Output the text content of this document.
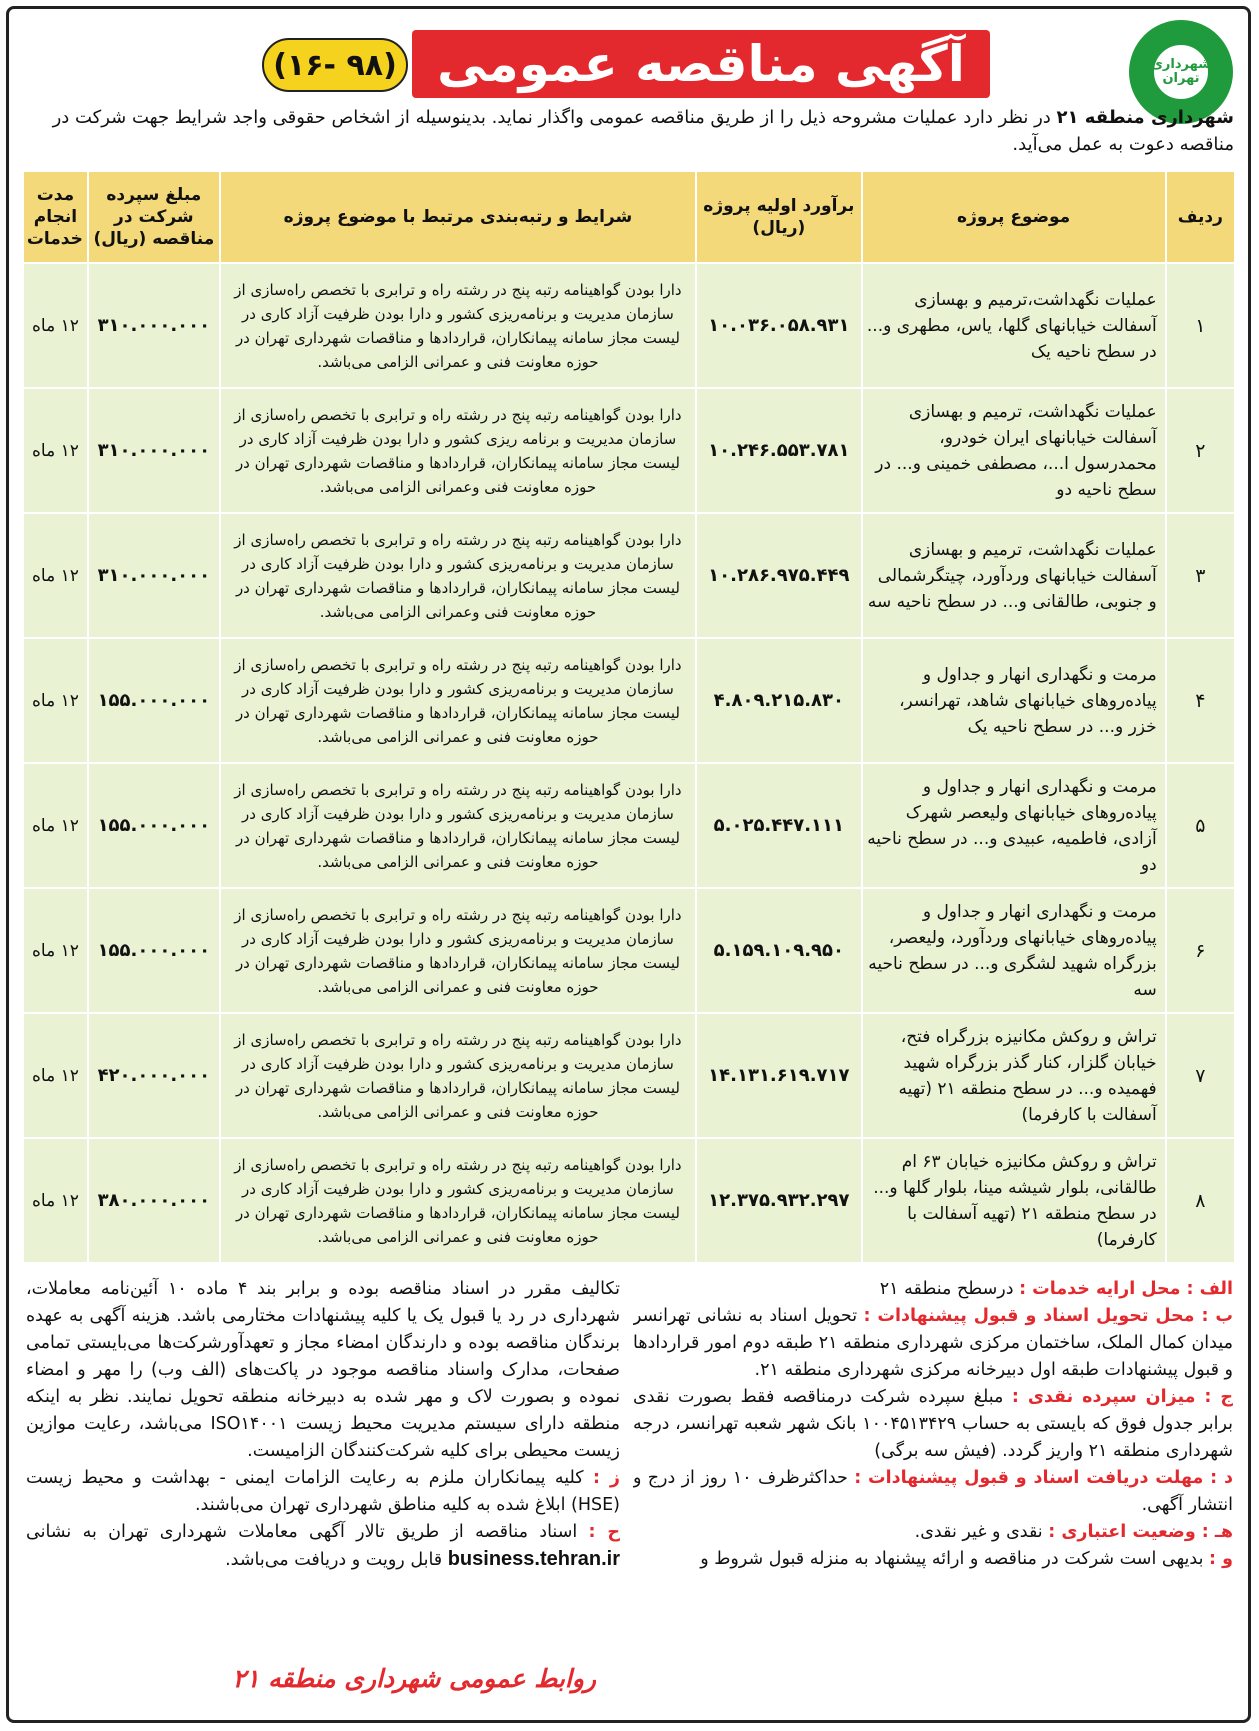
شهرداری تهران
آگهی مناقصه عمومی
(۱۶- ۹۸)
شهرداری منطقه ۲۱ در نظر دارد عملیات مشروحه ذیل را از طریق مناقصه عمومی واگذار نماید. بدینوسیله از اشخاص حقوقی واجد شرایط جهت شرکت در مناقصه دعوت به عمل می‌آید.
ردیف	موضوع پروژه	برآورد اولیه پروژه (ریال)	شرایط و رتبه‌بندی مرتبط با موضوع پروژه	مبلغ سپرده شرکت در مناقصه (ریال)	مدت انجام خدمات
۱	عملیات نگهداشت،ترمیم و بهسازی آسفالت خیابانهای گلها، یاس، مطهری و... در سطح ناحیه یک	۱۰.۰۳۶.۰۵۸.۹۳۱	دارا بودن گواهینامه رتبه پنج در رشته راه و ترابری با تخصص راه‌سازی از سازمان مدیریت و برنامه‌ریزی کشور و دارا بودن ظرفیت آزاد کاری در لیست مجاز سامانه پیمانکاران، قراردادها و مناقصات شهرداری تهران در حوزه معاونت فنی و عمرانی الزامی می‌باشد.	۳۱۰.۰۰۰.۰۰۰	۱۲ ماه
۲	عملیات نگهداشت، ترمیم و بهسازی آسفالت خیابانهای ایران خودرو، محمدرسول ا...، مصطفی خمینی و... در سطح ناحیه دو	۱۰.۲۴۶.۵۵۳.۷۸۱	دارا بودن گواهینامه رتبه پنج در رشته راه و ترابری با تخصص راه‌سازی از سازمان مدیریت و برنامه ریزی کشور و دارا بودن ظرفیت آزاد کاری در لیست مجاز سامانه پیمانکاران، قراردادها و مناقصات شهرداری تهران در حوزه معاونت فنی وعمرانی الزامی می‌باشد.	۳۱۰.۰۰۰.۰۰۰	۱۲ ماه
۳	عملیات نگهداشت، ترمیم و بهسازی آسفالت خیابانهای وردآورد، چیتگرشمالی و جنوبی، طالقانی و... در سطح ناحیه سه	۱۰.۲۸۶.۹۷۵.۴۴۹	دارا بودن گواهینامه رتبه پنج در رشته راه و ترابری با تخصص راه‌سازی از سازمان مدیریت و برنامه‌ریزی کشور و دارا بودن ظرفیت آزاد کاری در لیست مجاز سامانه پیمانکاران، قراردادها و مناقصات شهرداری تهران در حوزه معاونت فنی وعمرانی الزامی می‌باشد.	۳۱۰.۰۰۰.۰۰۰	۱۲ ماه
۴	مرمت و نگهداری انهار و جداول و پیاده‌روهای خیابانهای شاهد، تهرانسر، خزر و... در سطح ناحیه یک	۴.۸۰۹.۲۱۵.۸۳۰	دارا بودن گواهینامه رتبه پنج در رشته راه و ترابری با تخصص راه‌سازی از سازمان مدیریت و برنامه‌ریزی کشور و دارا بودن ظرفیت آزاد کاری در لیست مجاز سامانه پیمانکاران، قراردادها و مناقصات شهرداری تهران در حوزه معاونت فنی و عمرانی الزامی می‌باشد.	۱۵۵.۰۰۰.۰۰۰	۱۲ ماه
۵	مرمت و نگهداری انهار و جداول و پیاده‌روهای خیابانهای ولیعصر شهرک آزادی، فاطمیه، عبیدی و... در سطح ناحیه دو	۵.۰۲۵.۴۴۷.۱۱۱	دارا بودن گواهینامه رتبه پنج در رشته راه و ترابری با تخصص راه‌سازی از سازمان مدیریت و برنامه‌ریزی کشور و دارا بودن ظرفیت آزاد کاری در لیست مجاز سامانه پیمانکاران، قراردادها و مناقصات شهرداری تهران در حوزه معاونت فنی و عمرانی الزامی می‌باشد.	۱۵۵.۰۰۰.۰۰۰	۱۲ ماه
۶	مرمت و نگهداری انهار و جداول و پیاده‌روهای خیابانهای وردآورد، ولیعصر، بزرگراه شهید لشگری و... در سطح ناحیه سه	۵.۱۵۹.۱۰۹.۹۵۰	دارا بودن گواهینامه رتبه پنج در رشته راه و ترابری با تخصص راه‌سازی از سازمان مدیریت و برنامه‌ریزی کشور و دارا بودن ظرفیت آزاد کاری در لیست مجاز سامانه پیمانکاران، قراردادها و مناقصات شهرداری تهران در حوزه معاونت فنی و عمرانی الزامی می‌باشد.	۱۵۵.۰۰۰.۰۰۰	۱۲ ماه
۷	تراش و روکش مکانیزه بزرگراه فتح، خیابان گلزار، کنار گذر بزرگراه شهید فهمیده و... در سطح منطقه ۲۱ (تهیه آسفالت با کارفرما)	۱۴.۱۳۱.۶۱۹.۷۱۷	دارا بودن گواهینامه رتبه پنج در رشته راه و ترابری با تخصص راه‌سازی از سازمان مدیریت و برنامه‌ریزی کشور و دارا بودن ظرفیت آزاد کاری در لیست مجاز سامانه پیمانکاران، قراردادها و مناقصات شهرداری تهران در حوزه معاونت فنی و عمرانی الزامی می‌باشد.	۴۲۰.۰۰۰.۰۰۰	۱۲ ماه
۸	تراش و روکش مکانیزه خیابان ۶۳ ام طالقانی، بلوار شیشه مینا، بلوار گلها و... در سطح منطقه ۲۱ (تهیه آسفالت با کارفرما)	۱۲.۳۷۵.۹۳۲.۲۹۷	دارا بودن گواهینامه رتبه پنج در رشته راه و ترابری با تخصص راه‌سازی از سازمان مدیریت و برنامه‌ریزی کشور و دارا بودن ظرفیت آزاد کاری در لیست مجاز سامانه پیمانکاران، قراردادها و مناقصات شهرداری تهران در حوزه معاونت فنی و عمرانی الزامی می‌باشد.	۳۸۰.۰۰۰.۰۰۰	۱۲ ماه
الف : محل ارایه خدمات : درسطح منطقه ۲۱
ب : محل تحویل اسناد و قبول پیشنهادات : تحویل اسناد به نشانی تهرانسر میدان کمال الملک، ساختمان مرکزی شهرداری منطقه ۲۱ طبقه دوم امور قراردادها و قبول پیشنهادات طبقه اول دبیرخانه مرکزی شهرداری منطقه ۲۱.
ج : میزان سپرده نقدی : مبلغ سپرده شرکت درمناقصه فقط بصورت نقدی برابر جدول فوق که بایستی به حساب ۱۰۰۴۵۱۳۴۲۹ بانک شهر شعبه تهرانسر، درجه شهرداری منطقه ۲۱ واریز گردد. (فیش سه برگی)
د : مهلت دریافت اسناد و قبول پیشنهادات : حداکثرظرف ۱۰ روز از درج و انتشار آگهی.
هـ : وضعیت اعتباری : نقدی و غیر نقدی.
و : بدیهی است شرکت در مناقصه و ارائه پیشنهاد به منزله قبول شروط و

تکالیف مقرر در اسناد مناقصه بوده و برابر بند ۴ ماده ۱۰ آئین‌نامه معاملات، شهرداری در رد یا قبول یک یا کلیه پیشنهادات مختارمی باشد. هزینه آگهی به عهده برندگان مناقصه بوده و دارندگان امضاء مجاز و تعهدآورشرکت‌ها می‌بایستی تمامی صفحات، مدارک واسناد مناقصه موجود در پاکت‌های (الف وب) را مهر و امضاء نموده و بصورت لاک و مهر شده به دبیرخانه منطقه تحویل نمایند. نظر به اینکه منطقه دارای سیستم مدیریت محیط زیست ISO۱۴۰۰۱ می‌باشد، رعایت موازین زیست محیطی برای کلیه شرکت‌کنندگان الزامیست.
ز : کلیه پیمانکاران ملزم به رعایت الزامات ایمنی - بهداشت و محیط زیست (HSE) ابلاغ شده به کلیه مناطق شهرداری تهران می‌باشند.
ح : اسناد مناقصه از طریق تالار آگهی معاملات شهرداری تهران به نشانی business.tehran.ir قابل رویت و دریافت می‌باشد.
روابط عمومی شهرداری منطقه ۲۱
